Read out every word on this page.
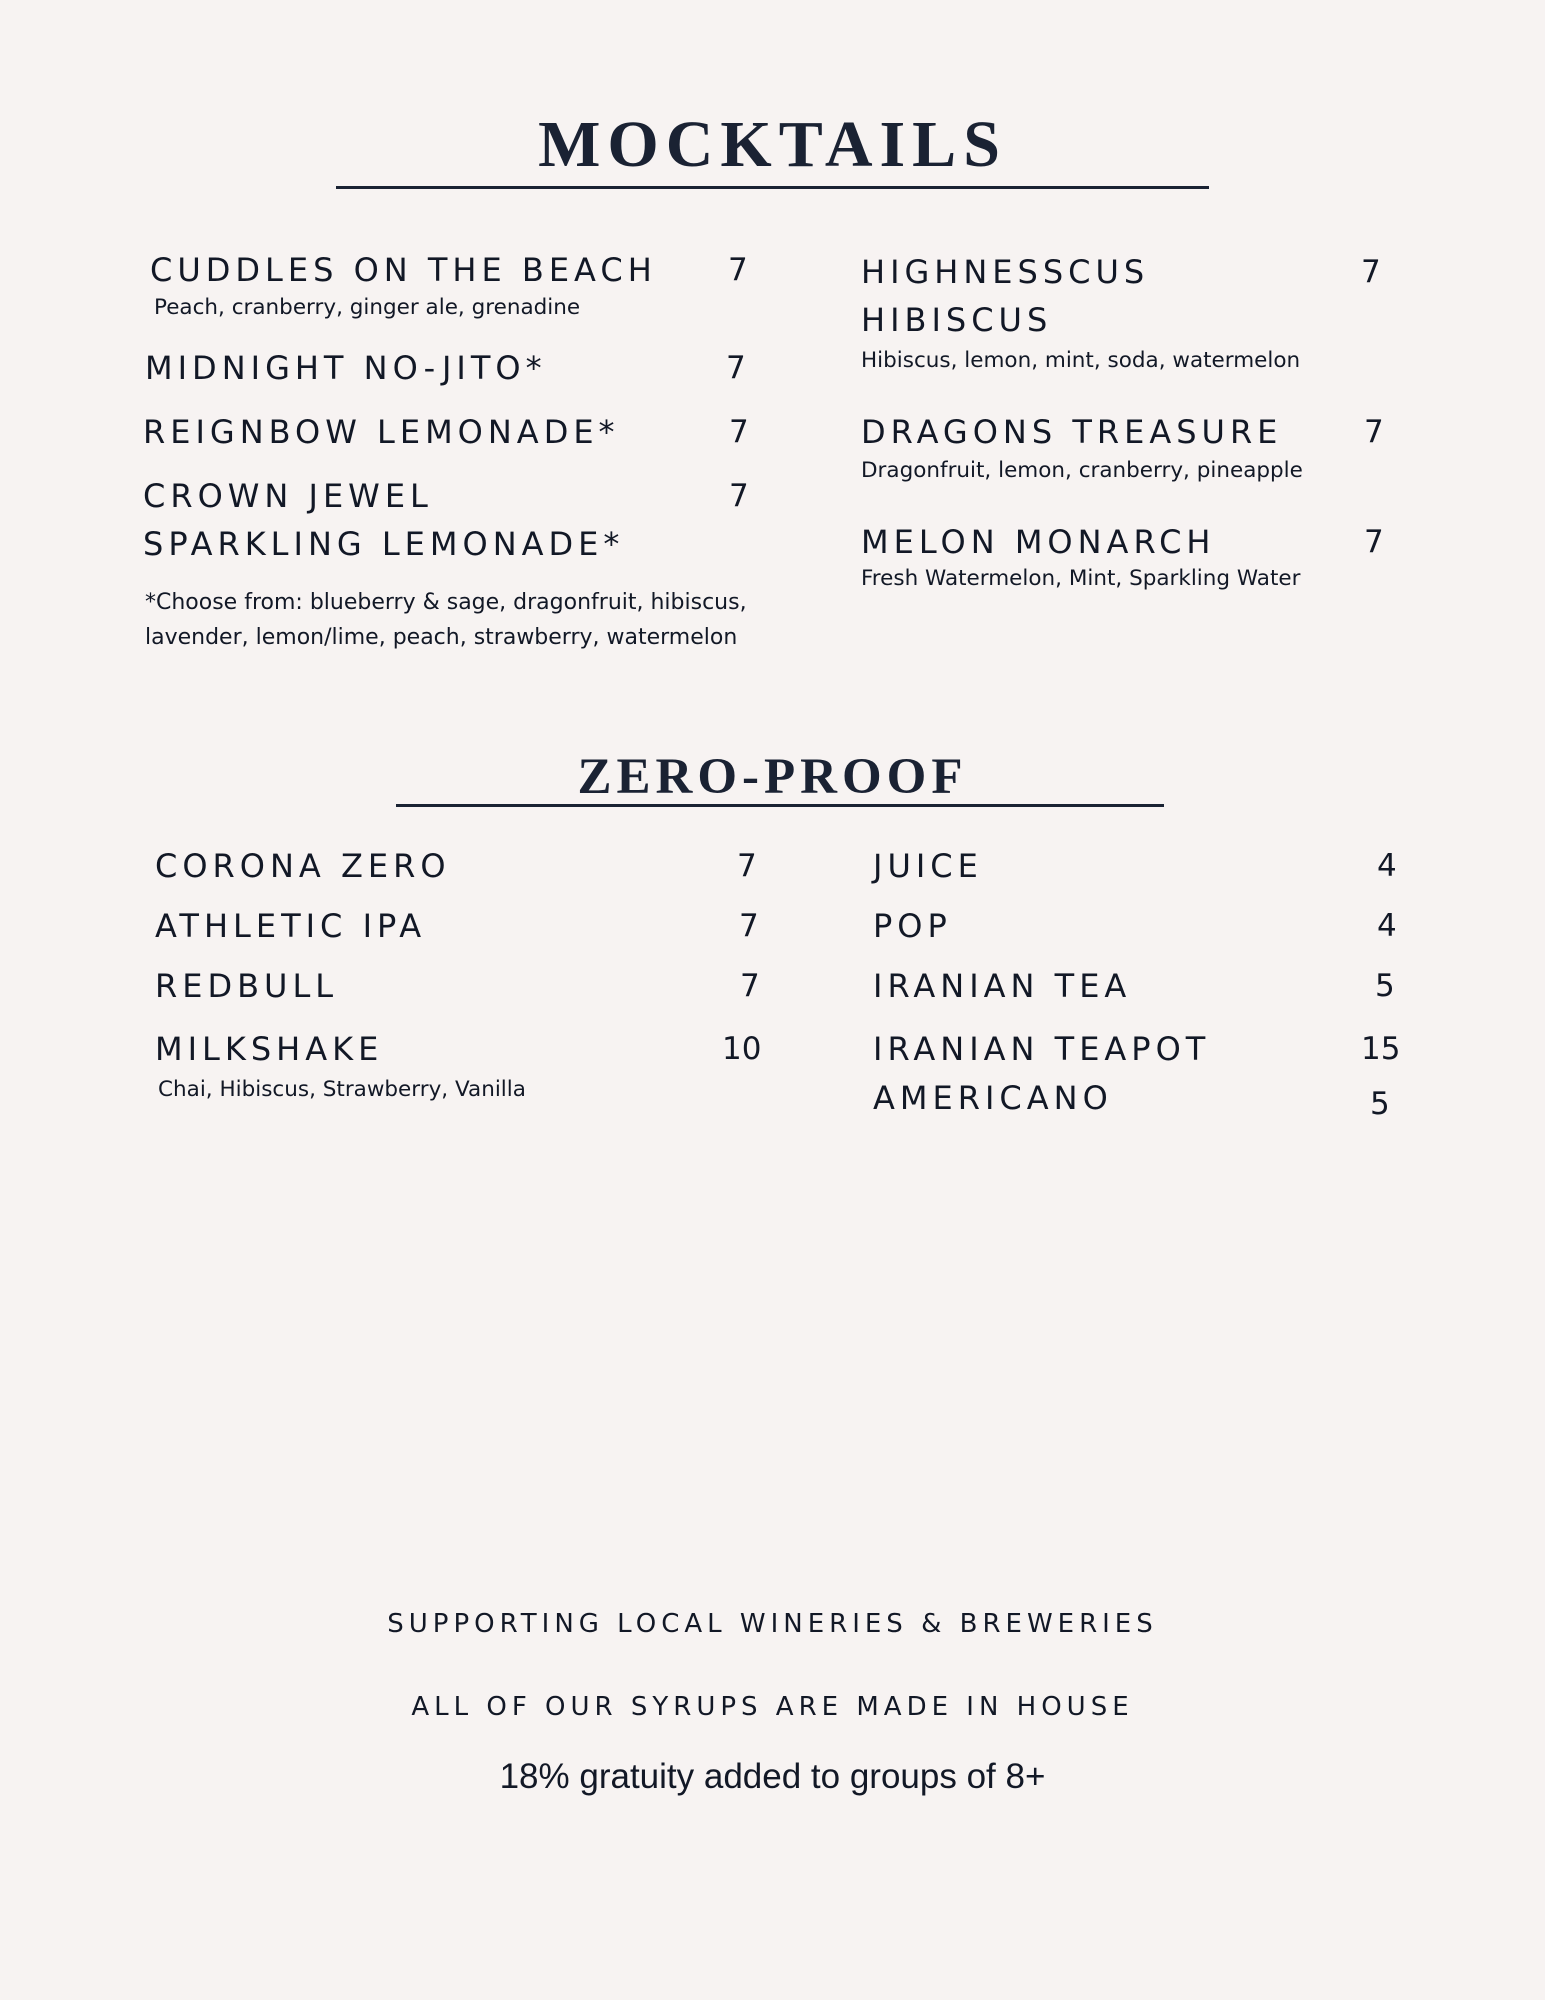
MOCKTAILS
CUDDLES ON THE BEACH 7
Peach, cranberry, ginger ale, grenadine
MIDNIGHT NO-JITO*	7
REIGNBOW LEMONADE*	7
CROWN JEWEL
SPARKLING LEMONADE*
7
*Choose from: blueberry & sage, dragonfruit, hibiscus,
lavender, lemon/lime, peach, strawberry, watermelon
HIGHNESSCUS
HIBISCUS
7
Hibiscus, lemon, mint, soda, watermelon
DRAGONS TREASURE	7
Dragonfruit, lemon, cranberry, pineapple
MELON MONARCH	7
Fresh Watermelon, Mint, Sparkling Water
ZERO-PROOF
CORONA ZERO	7
ATHLETIC IPA	7
REDBULL	7
MILKSHAKE	10
Chai, Hibiscus, Strawberry, Vanilla
JUICE	4
POP	4
IRANIAN TEA	5
IRANIAN TEAPOT	15
AMERICANO	5
SUPPORTING LOCAL WINERIES & BREWERIES
ALL OF OUR SYRUPS ARE MADE IN HOUSE
18% gratuity added to groups of 8+
